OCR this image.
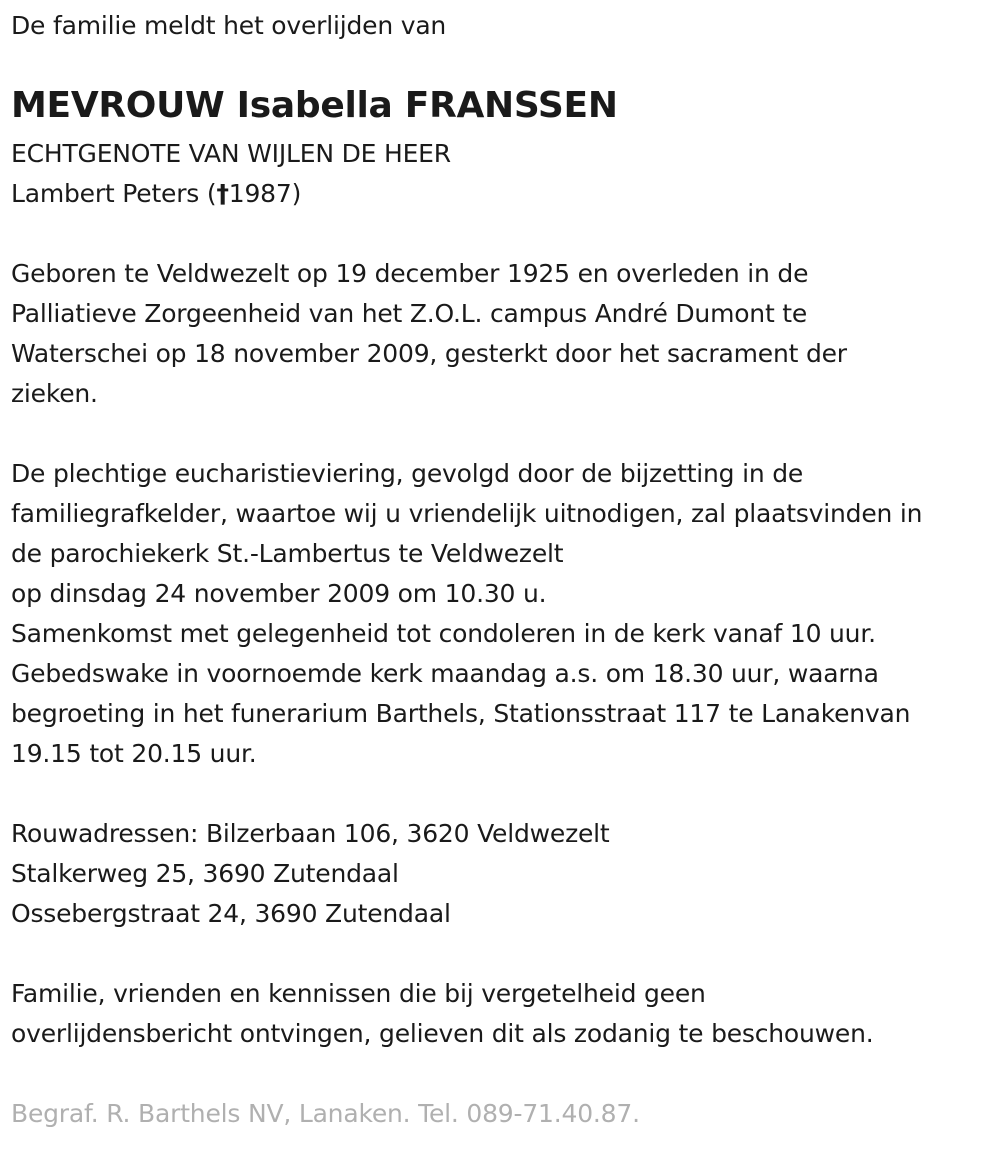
De familie meldt het overlijden van
MEVROUW Isabella FRANSSEN
ECHTGENOTE VAN WIJLEN DE HEER
Lambert Peters (†1987)
Geboren te Veldwezelt op 19 december 1925 en overleden in de
Palliatieve Zorgeenheid van het Z.O.L. campus André Dumont te
Waterschei op 18 november 2009, gesterkt door het sacrament der
zieken.
De plechtige eucharistieviering, gevolgd door de bijzetting in de
familiegrafkelder, waartoe wij u vriendelijk uitnodigen, zal plaatsvinden in
de parochiekerk St.-Lambertus te Veldwezelt
op dinsdag 24 november 2009 om 10.30 u.
Samenkomst met gelegenheid tot condoleren in de kerk vanaf 10 uur.
Gebedswake in voornoemde kerk maandag a.s. om 18.30 uur, waarna
begroeting in het funerarium Barthels, Stationsstraat 117 te Lanakenvan
19.15 tot 20.15 uur.
Rouwadressen: Bilzerbaan 106, 3620 Veldwezelt
Stalkerweg 25, 3690 Zutendaal
Ossebergstraat 24, 3690 Zutendaal
Familie, vrienden en kennissen die bij vergetelheid geen
overlijdensbericht ontvingen, gelieven dit als zodanig te beschouwen.
Begraf. R. Barthels NV, Lanaken. Tel. 089-71.40.87.
